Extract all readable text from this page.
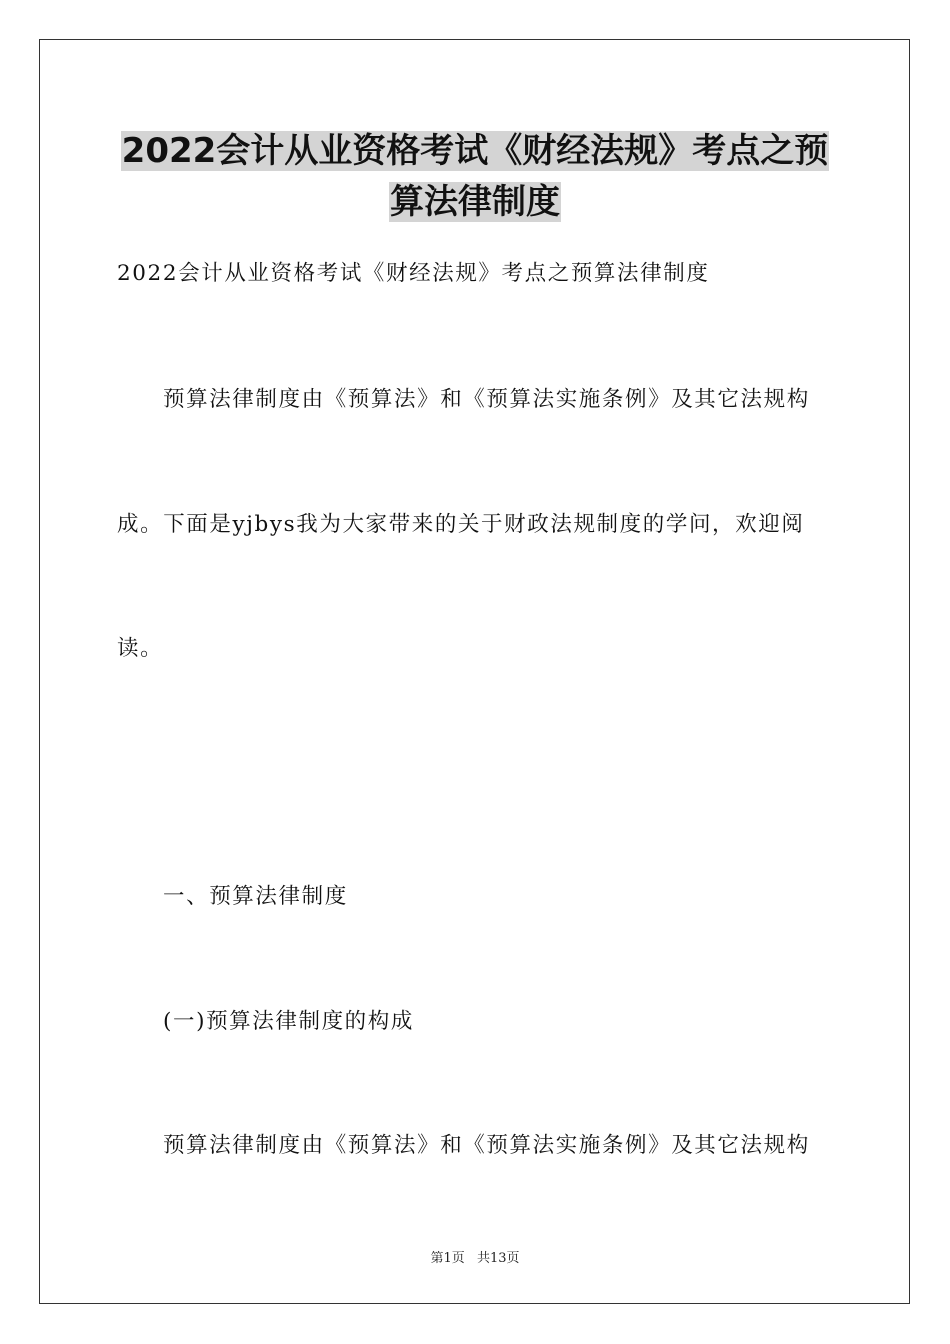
2022会计从业资格考试《财经法规》考点之预
算法律制度
2022会计从业资格考试《财经法规》考点之预算法律制度
预算法律制度由《预算法》和《预算法实施条例》及其它法规构
成。下面是yjbys我为大家带来的关于财政法规制度的学问，欢迎阅
读。
一、预算法律制度
(一)预算法律制度的构成
预算法律制度由《预算法》和《预算法实施条例》及其它法规构
第1页 共13页
